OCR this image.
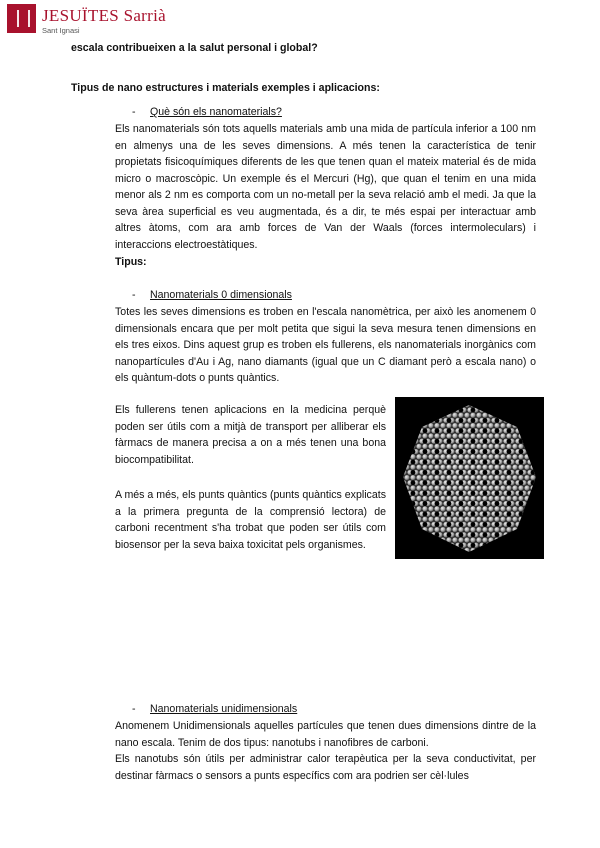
JESUÏTES Sarrià
Sant Ignasi
escala contribueixen a la salut personal i global?
Tipus de nano estructures i materials exemples i aplicacions:
-	Què són els nanomaterials?
Els nanomaterials són tots aquells materials amb una mida de partícula inferior a 100 nm en almenys una de les seves dimensions. A més tenen la característica de tenir propietats fisicoquímiques diferents de les que tenen quan el mateix material és de mida micro o macroscòpic. Un exemple és el Mercuri (Hg), que quan el tenim en una mida menor als 2 nm es comporta com un no-metall per la seva relació amb el medi. Ja que la seva àrea superficial es veu augmentada, és a dir, te més espai per interactuar amb altres àtoms, com ara amb forces de Van der Waals (forces intermoleculars) i interaccions electroestàtiques.
Tipus:
-	Nanomaterials 0 dimensionals
Totes les seves dimensions es troben en l'escala nanomètrica, per això les anomenem 0 dimensionals encara que per molt petita que sigui la seva mesura tenen dimensions en els tres eixos. Dins aquest grup es troben els fullerens, els nanomaterials inorgànics com nanopartícules d'Au i Ag, nano diamants (igual que un C diamant però a escala nano) o els quàntum-dots o punts quàntics.
Els fullerens tenen aplicacions en la medicina perquè poden ser útils com a mitjà de transport per alliberar els fàrmacs de manera precisa a on a més tenen una bona biocompatibilitat.
A més a més, els punts quàntics (punts quàntics explicats a la primera pregunta de la comprensió lectora) de carboni recentment s'ha trobat que poden ser útils com biosensor per la seva baixa toxicitat pels organismes.
-	Nanomaterials unidimensionals
Anomenem Unidimensionals aquelles partícules que tenen dues dimensions dintre de la nano escala. Tenim de dos tipus: nanotubs i nanofibres de carboni.
Els nanotubs són útils per administrar calor terapèutica per la seva conductivitat, per destinar fàrmacs o sensors a punts específics com ara podrien ser cèl·lules
